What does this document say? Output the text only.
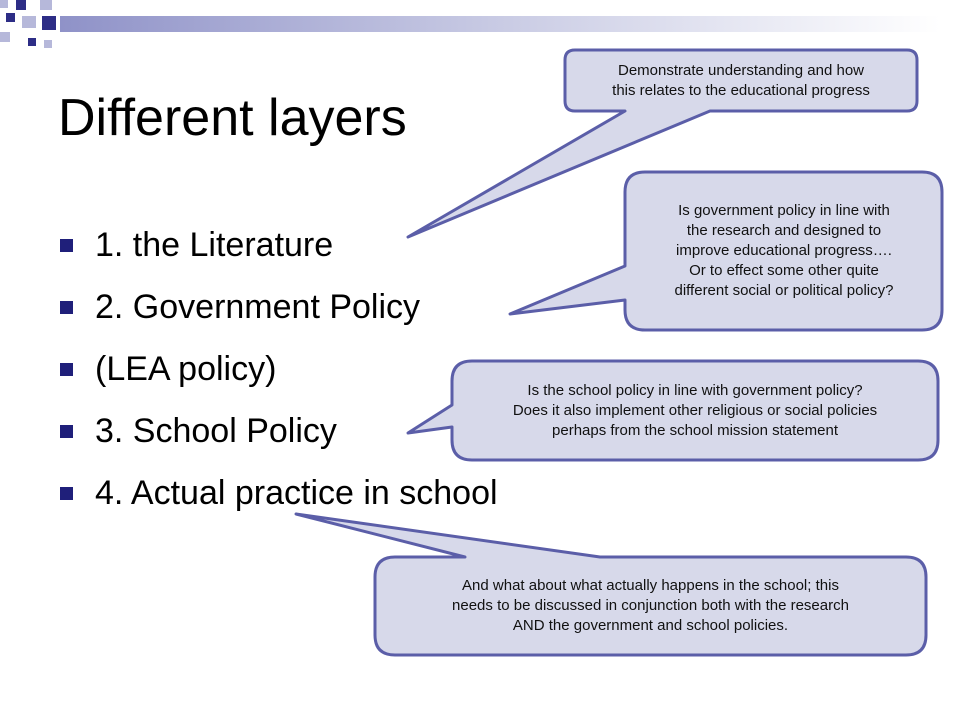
Different layers
1. the Literature
2. Government Policy
(LEA policy)
3. School Policy
4. Actual practice in school
Demonstrate understanding and how
this relates to the educational progress
Is government policy in line with
the research and designed to
improve educational progress….
Or to effect some other quite
different social or political policy?
Is the school policy in line with government policy?
Does it also implement other religious or social policies
perhaps from the school mission statement
And what about what actually happens in the school; this
needs to be discussed in conjunction both with the research
AND the government and school policies.
